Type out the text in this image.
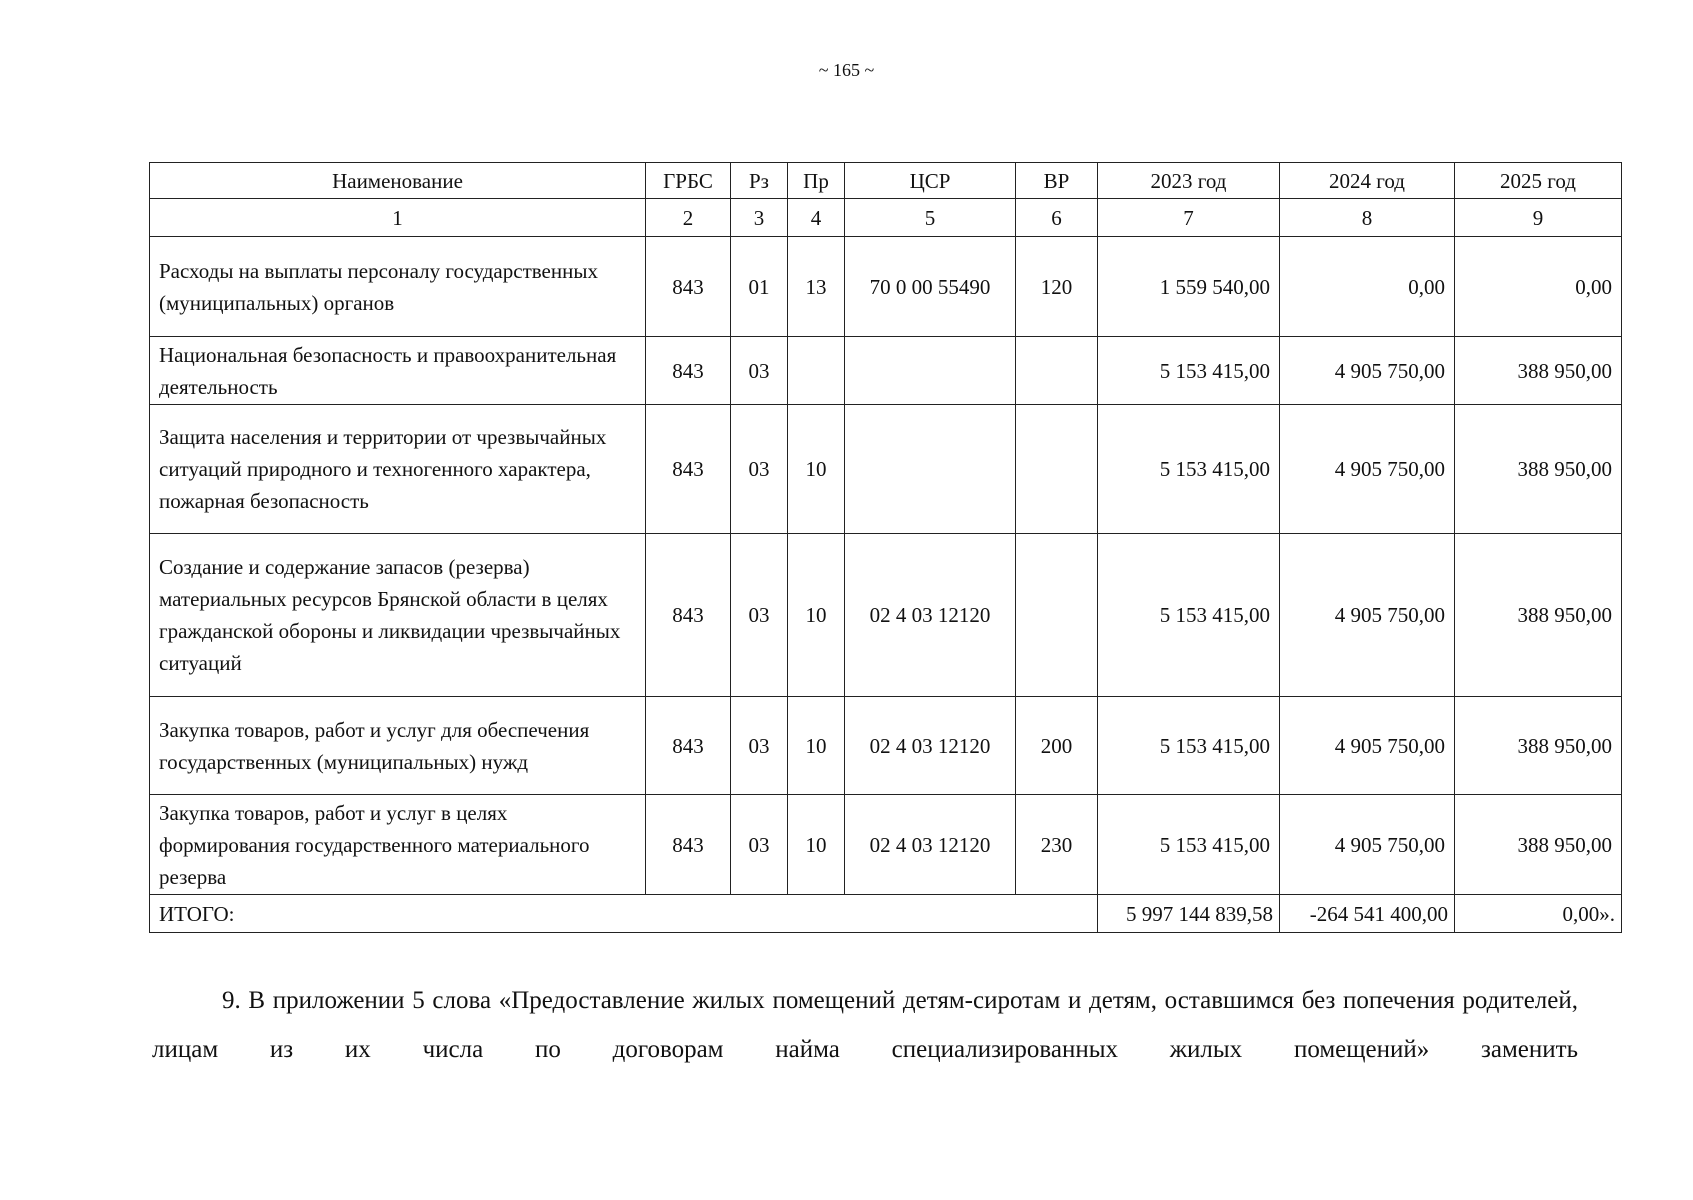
~ 165 ~
Наименование	ГРБС	Рз	Пр	ЦСР	ВР	2023 год	2024 год	2025 год
1	2	3	4	5	6	7	8	9
Расходы на выплаты персоналу государственных (муниципальных) органов	843	01	13	70 0 00 55490	120	1 559 540,00	0,00	0,00
Национальная безопасность и правоохранительная деятельность	843	03				5 153 415,00	4 905 750,00	388 950,00
Защита населения и территории от чрезвычайных ситуаций природного и техногенного характера, пожарная безопасность	843	03	10			5 153 415,00	4 905 750,00	388 950,00
Создание и содержание запасов (резерва) материальных ресурсов Брянской области в целях гражданской обороны и ликвидации чрезвычайных ситуаций	843	03	10	02 4 03 12120		5 153 415,00	4 905 750,00	388 950,00
Закупка товаров, работ и услуг для обеспечения государственных (муниципальных) нужд	843	03	10	02 4 03 12120	200	5 153 415,00	4 905 750,00	388 950,00
Закупка товаров, работ и услуг в целях формирования государственного материального резерва	843	03	10	02 4 03 12120	230	5 153 415,00	4 905 750,00	388 950,00
ИТОГО:						5 997 144 839,58	-264 541 400,00	0,00».
9. В приложении 5 слова «Предоставление жилых помещений детям-сиротам и детям, оставшимся без попечения родителей, лицам из их числа по договорам найма специализированных жилых помещений» заменить
